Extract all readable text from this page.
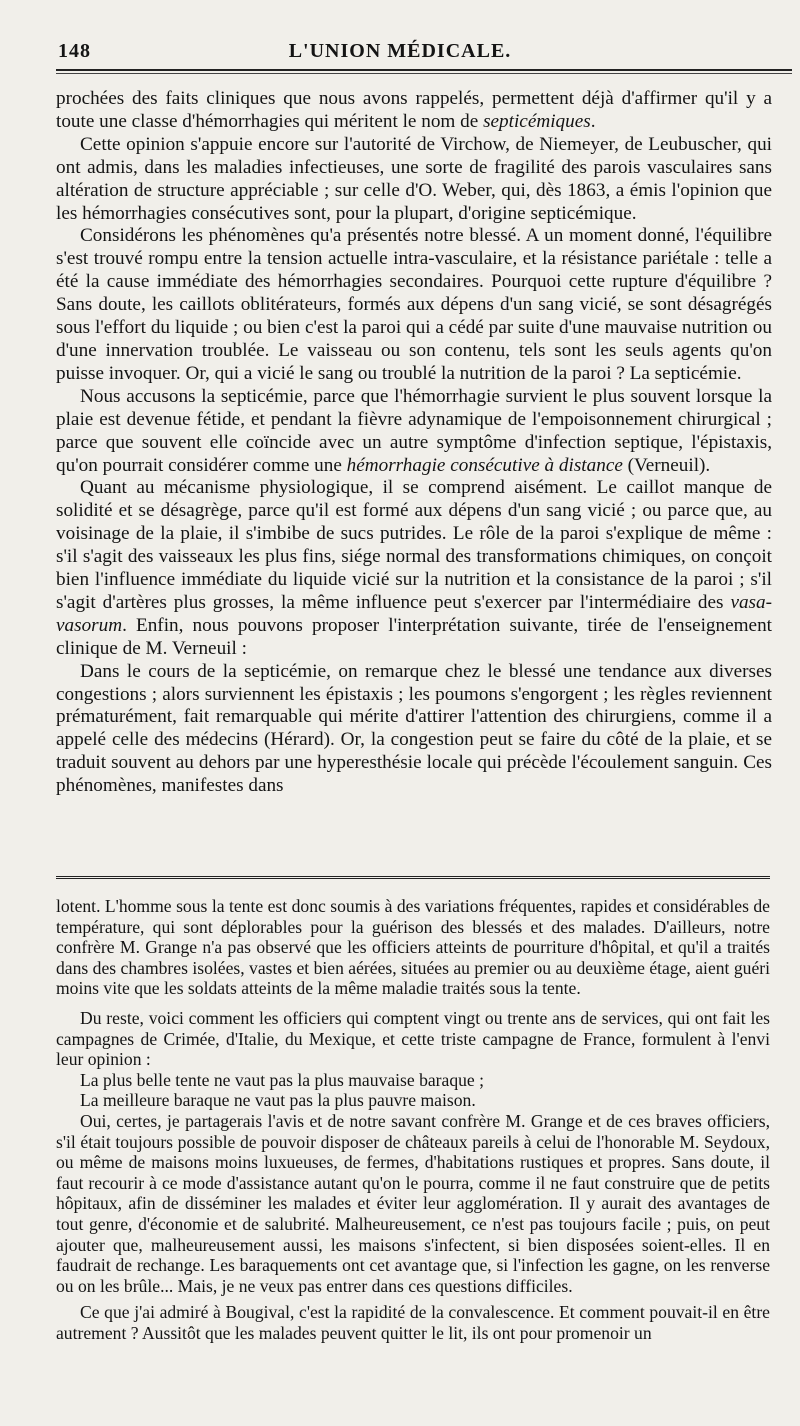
148	L'UNION MÉDICALE.

prochées des faits cliniques que nous avons rappelés, permettent déjà d'affirmer qu'il y a toute une classe d'hémorrhagies qui méritent le nom de septicémiques.

Cette opinion s'appuie encore sur l'autorité de Virchow, de Niemeyer, de Leubuscher, qui ont admis, dans les maladies infectieuses, une sorte de fragilité des parois vasculaires sans altération de structure appréciable ; sur celle d'O. Weber, qui, dès 1863, a émis l'opinion que les hémorrhagies consécutives sont, pour la plupart, d'origine septicémique.

Considérons les phénomènes qu'a présentés notre blessé. A un moment donné, l'équilibre s'est trouvé rompu entre la tension actuelle intra-vasculaire, et la résistance pariétale : telle a été la cause immédiate des hémorrhagies secondaires. Pourquoi cette rupture d'équilibre ? Sans doute, les caillots oblitérateurs, formés aux dépens d'un sang vicié, se sont désagrégés sous l'effort du liquide ; ou bien c'est la paroi qui a cédé par suite d'une mauvaise nutrition ou d'une innervation troublée. Le vaisseau ou son contenu, tels sont les seuls agents qu'on puisse invoquer. Or, qui a vicié le sang ou troublé la nutrition de la paroi ? La septicémie.

Nous accusons la septicémie, parce que l'hémorrhagie survient le plus souvent lorsque la plaie est devenue fétide, et pendant la fièvre adynamique de l'empoisonnement chirurgical ; parce que souvent elle coïncide avec un autre symptôme d'infection septique, l'épistaxis, qu'on pourrait considérer comme une hémorrhagie consécutive à distance (Verneuil).

Quant au mécanisme physiologique, il se comprend aisément. Le caillot manque de solidité et se désagrège, parce qu'il est formé aux dépens d'un sang vicié ; ou parce que, au voisinage de la plaie, il s'imbibe de sucs putrides. Le rôle de la paroi s'explique de même : s'il s'agit des vaisseaux les plus fins, siége normal des transformations chimiques, on conçoit bien l'influence immédiate du liquide vicié sur la nutrition et la consistance de la paroi ; s'il s'agit d'artères plus grosses, la même influence peut s'exercer par l'intermédiaire des vasa-vasorum. Enfin, nous pouvons proposer l'interprétation suivante, tirée de l'enseignement clinique de M. Verneuil :

Dans le cours de la septicémie, on remarque chez le blessé une tendance aux diverses congestions ; alors surviennent les épistaxis ; les poumons s'engorgent ; les règles reviennent prématurément, fait remarquable qui mérite d'attirer l'attention des chirurgiens, comme il a appelé celle des médecins (Hérard). Or, la congestion peut se faire du côté de la plaie, et se traduit souvent au dehors par une hyperesthésie locale qui précède l'écoulement sanguin. Ces phénomènes, manifestes dans

lotent. L'homme sous la tente est donc soumis à des variations fréquentes, rapides et considérables de température, qui sont déplorables pour la guérison des blessés et des malades. D'ailleurs, notre confrère M. Grange n'a pas observé que les officiers atteints de pourriture d'hôpital, et qu'il a traités dans des chambres isolées, vastes et bien aérées, situées au premier ou au deuxième étage, aient guéri moins vite que les soldats atteints de la même maladie traités sous la tente.

Du reste, voici comment les officiers qui comptent vingt ou trente ans de services, qui ont fait les campagnes de Crimée, d'Italie, du Mexique, et cette triste campagne de France, formulent à l'envi leur opinion :

La plus belle tente ne vaut pas la plus mauvaise baraque ;

La meilleure baraque ne vaut pas la plus pauvre maison.

Oui, certes, je partagerais l'avis et de notre savant confrère M. Grange et de ces braves officiers, s'il était toujours possible de pouvoir disposer de châteaux pareils à celui de l'honorable M. Seydoux, ou même de maisons moins luxueuses, de fermes, d'habitations rustiques et propres. Sans doute, il faut recourir à ce mode d'assistance autant qu'on le pourra, comme il ne faut construire que de petits hôpitaux, afin de disséminer les malades et éviter leur agglomération. Il y aurait des avantages de tout genre, d'économie et de salubrité. Malheureusement, ce n'est pas toujours facile ; puis, on peut ajouter que, malheureusement aussi, les maisons s'infectent, si bien disposées soient-elles. Il en faudrait de rechange. Les baraquements ont cet avantage que, si l'infection les gagne, on les renverse ou on les brûle... Mais, je ne veux pas entrer dans ces questions difficiles.

Ce que j'ai admiré à Bougival, c'est la rapidité de la convalescence. Et comment pouvait-il en être autrement ? Aussitôt que les malades peuvent quitter le lit, ils ont pour promenoir un
